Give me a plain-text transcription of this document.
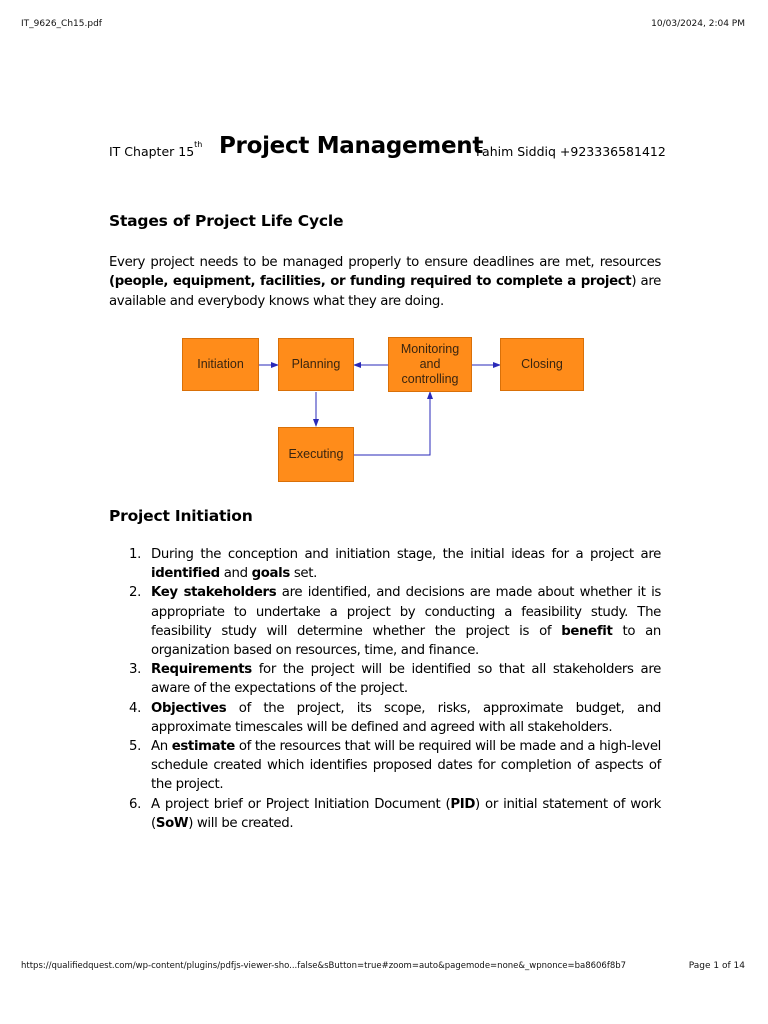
IT_9626_Ch15.pdf	10/03/2024, 2:04 PM
IT Chapter 15th Project Management
Fahim Siddiq +923336581412
Stages of Project Life Cycle

Every project needs to be managed properly to ensure deadlines are met, resources (people, equipment, facilities, or funding required to complete a project) are available and everybody knows what they are doing.

Initiation	Planning
Monitoring
and
controlling
Closing
Executing
Project Initiation
1. During the conception and initiation stage, the initial ideas for a project are identified and goals set.
2. Key stakeholders are identified, and decisions are made about whether it is appropriate to undertake a project by conducting a feasibility study. The feasibility study will determine whether the project is of benefit to an organization based on resources, time, and finance.
3. Requirements for the project will be identified so that all stakeholders are aware of the expectations of the project.
4. Objectives of the project, its scope, risks, approximate budget, and approximate timescales will be defined and agreed with all stakeholders.
5. An estimate of the resources that will be required will be made and a high-level schedule created which identifies proposed dates for completion of aspects of the project.
6. A project brief or Project Initiation Document (PID) or initial statement of work (SoW) will be created.
https://qualifiedquest.com/wp-content/plugins/pdfjs-viewer-sho...false&sButton=true#zoom=auto&pagemode=none&_wpnonce=ba8606f8b7	Page 1 of 14
